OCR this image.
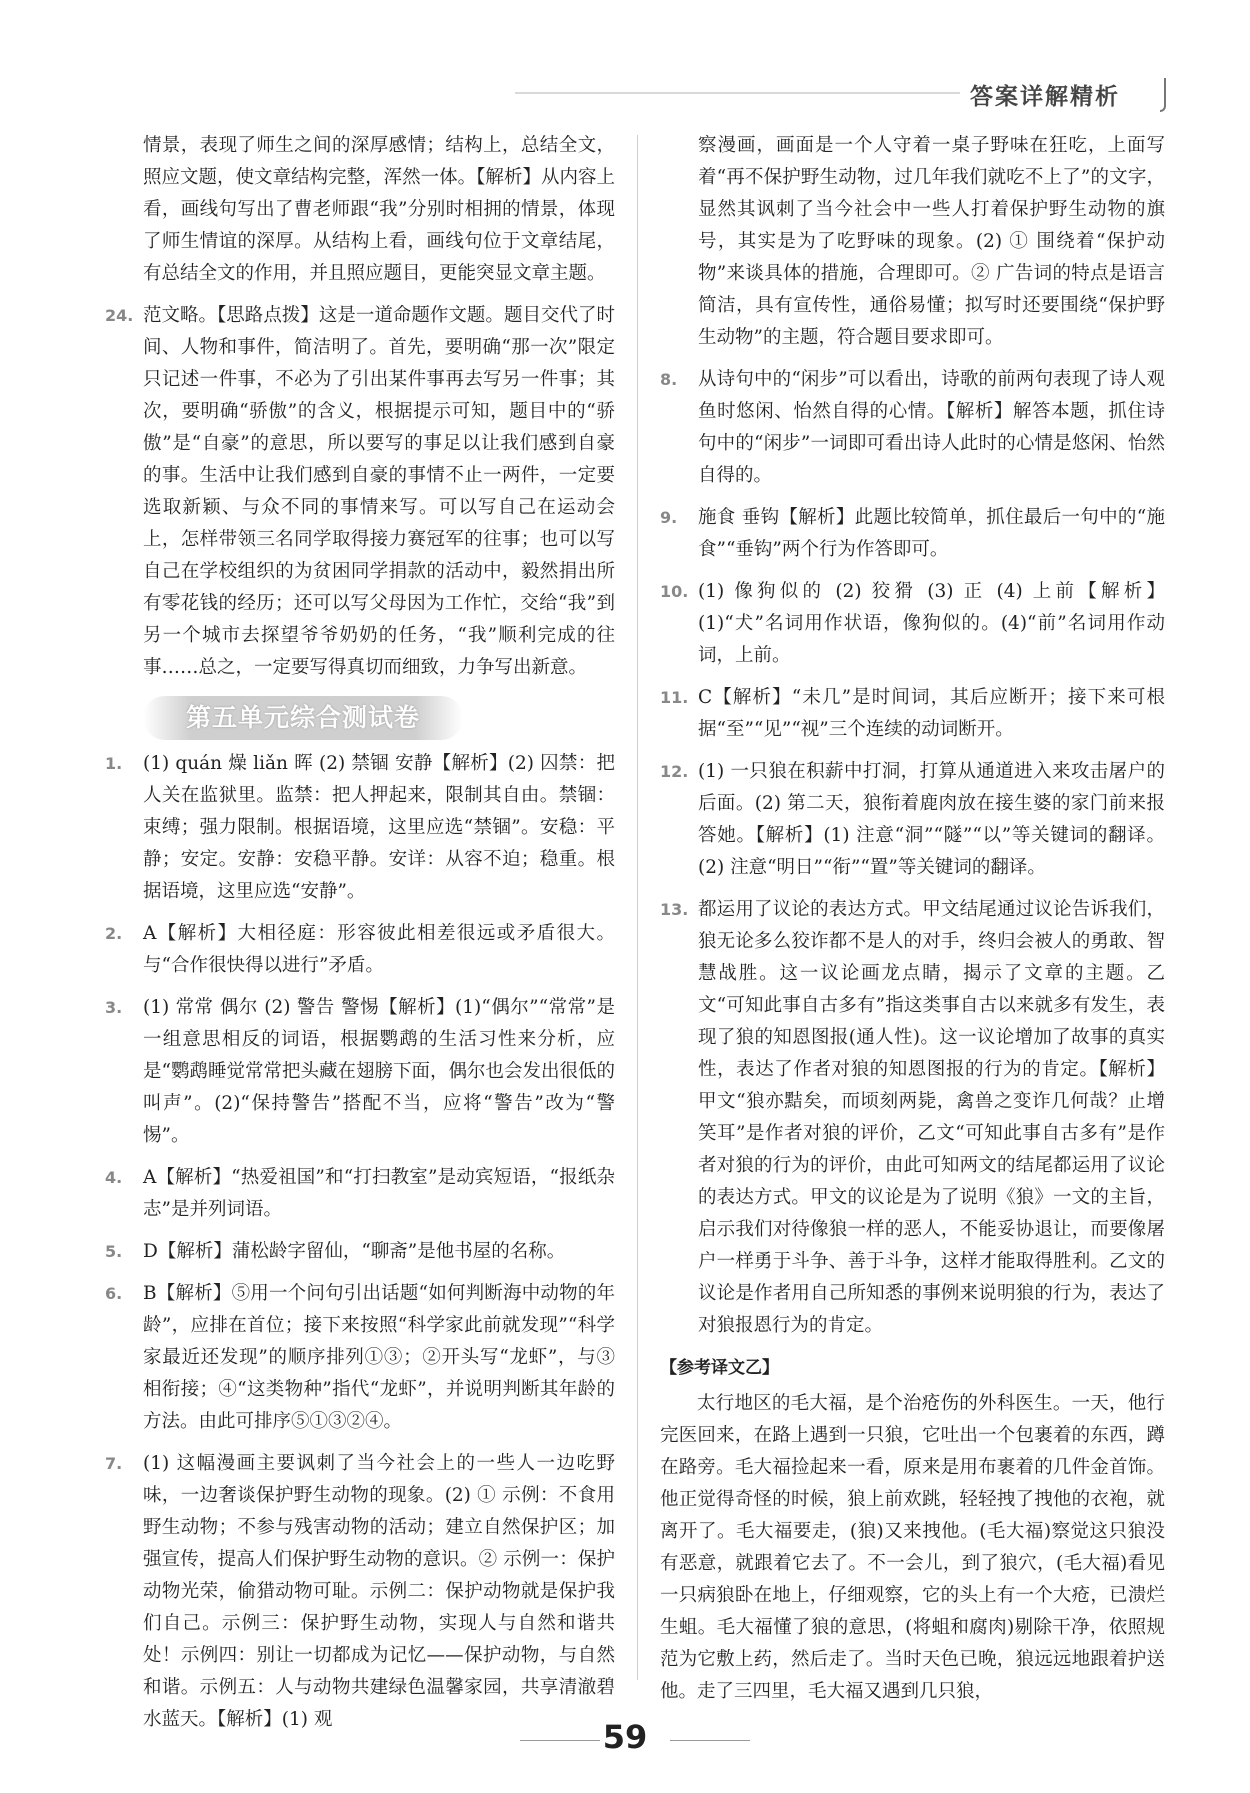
答案详解精析
情景，表现了师生之间的深厚感情；结构上，总结全文，照应文题，使文章结构完整，浑然一体。【解析】从内容上看，画线句写出了曹老师跟“我”分别时相拥的情景，体现了师生情谊的深厚。从结构上看，画线句位于文章结尾，有总结全文的作用，并且照应题目，更能突显文章主题。
24. 范文略。【思路点拨】这是一道命题作文题。题目交代了时间、人物和事件，简洁明了。首先，要明确“那一次”限定只记述一件事，不必为了引出某件事再去写另一件事；其次，要明确“骄傲”的含义，根据提示可知，题目中的“骄傲”是“自豪”的意思，所以要写的事足以让我们感到自豪的事。生活中让我们感到自豪的事情不止一两件，一定要选取新颖、与众不同的事情来写。可以写自己在运动会上，怎样带领三名同学取得接力赛冠军的往事；也可以写自己在学校组织的为贫困同学捐款的活动中，毅然捐出所有零花钱的经历；还可以写父母因为工作忙，交给“我”到另一个城市去探望爷爷奶奶的任务，“我”顺利完成的往事……总之，一定要写得真切而细致，力争写出新意。
第五单元综合测试卷
1. (1) quán 燥 liǎn 晖 (2) 禁锢 安静【解析】(2) 囚禁：把人关在监狱里。监禁：把人押起来，限制其自由。禁锢：束缚；强力限制。根据语境，这里应选“禁锢”。安稳：平静；安定。安静：安稳平静。安详：从容不迫；稳重。根据语境，这里应选“安静”。
2. A【解析】大相径庭：形容彼此相差很远或矛盾很大。与“合作很快得以进行”矛盾。
3. (1) 常常 偶尔 (2) 警告 警惕【解析】(1)“偶尔”“常常”是一组意思相反的词语，根据鹦鹉的生活习性来分析，应是“鹦鹉睡觉常常把头藏在翅膀下面，偶尔也会发出很低的叫声”。(2)“保持警告”搭配不当，应将“警告”改为“警惕”。
4. A【解析】“热爱祖国”和“打扫教室”是动宾短语，“报纸杂志”是并列词语。
5. D【解析】蒲松龄字留仙，“聊斋”是他书屋的名称。
6. B【解析】⑤用一个问句引出话题“如何判断海中动物的年龄”，应排在首位；接下来按照“科学家此前就发现”“科学家最近还发现”的顺序排列①③；②开头写“龙虾”，与③相衔接；④“这类物种”指代“龙虾”，并说明判断其年龄的方法。由此可排序⑤①③②④。
7. (1) 这幅漫画主要讽刺了当今社会上的一些人一边吃野味，一边奢谈保护野生动物的现象。(2) ① 示例：不食用野生动物；不参与残害动物的活动；建立自然保护区；加强宣传，提高人们保护野生动物的意识。② 示例一：保护动物光荣，偷猎动物可耻。示例二：保护动物就是保护我们自己。示例三：保护野生动物，实现人与自然和谐共处！示例四：别让一切都成为记忆——保护动物，与自然和谐。示例五：人与动物共建绿色温馨家园，共享清澈碧水蓝天。【解析】(1) 观
察漫画，画面是一个人守着一桌子野味在狂吃，上面写着“再不保护野生动物，过几年我们就吃不上了”的文字，显然其讽刺了当今社会中一些人打着保护野生动物的旗号，其实是为了吃野味的现象。(2) ① 围绕着“保护动物”来谈具体的措施，合理即可。② 广告词的特点是语言简洁，具有宣传性，通俗易懂；拟写时还要围绕“保护野生动物”的主题，符合题目要求即可。
8. 从诗句中的“闲步”可以看出，诗歌的前两句表现了诗人观鱼时悠闲、怡然自得的心情。【解析】解答本题，抓住诗句中的“闲步”一词即可看出诗人此时的心情是悠闲、怡然自得的。
9. 施食 垂钩【解析】此题比较简单，抓住最后一句中的“施食”“垂钩”两个行为作答即可。
10. (1) 像狗似的 (2) 狡猾 (3) 正 (4) 上前【解析】(1)“犬”名词用作状语，像狗似的。(4)“前”名词用作动词，上前。
11. C【解析】“未几”是时间词，其后应断开；接下来可根据“至”“见”“视”三个连续的动词断开。
12. (1) 一只狼在积薪中打洞，打算从通道进入来攻击屠户的后面。(2) 第二天，狼衔着鹿肉放在接生婆的家门前来报答她。【解析】(1) 注意“洞”“隧”“以”等关键词的翻译。(2) 注意“明日”“衔”“置”等关键词的翻译。
13. 都运用了议论的表达方式。甲文结尾通过议论告诉我们，狼无论多么狡诈都不是人的对手，终归会被人的勇敢、智慧战胜。这一议论画龙点睛，揭示了文章的主题。乙文“可知此事自古多有”指这类事自古以来就多有发生，表现了狼的知恩图报(通人性)。这一议论增加了故事的真实性，表达了作者对狼的知恩图报的行为的肯定。【解析】甲文“狼亦黠矣，而顷刻两毙，禽兽之变诈几何哉？止增笑耳”是作者对狼的评价，乙文“可知此事自古多有”是作者对狼的行为的评价，由此可知两文的结尾都运用了议论的表达方式。甲文的议论是为了说明《狼》一文的主旨，启示我们对待像狼一样的恶人，不能妥协退让，而要像屠户一样勇于斗争、善于斗争，这样才能取得胜利。乙文的议论是作者用自己所知悉的事例来说明狼的行为，表达了对狼报恩行为的肯定。
【参考译文乙】
太行地区的毛大福，是个治疮伤的外科医生。一天，他行完医回来，在路上遇到一只狼，它吐出一个包裹着的东西，蹲在路旁。毛大福捡起来一看，原来是用布裹着的几件金首饰。他正觉得奇怪的时候，狼上前欢跳，轻轻拽了拽他的衣袍，就离开了。毛大福要走，(狼)又来拽他。(毛大福)察觉这只狼没有恶意，就跟着它去了。不一会儿，到了狼穴，(毛大福)看见一只病狼卧在地上，仔细观察，它的头上有一个大疮，已溃烂生蛆。毛大福懂了狼的意思，(将蛆和腐肉)剔除干净，依照规范为它敷上药，然后走了。当时天色已晚，狼远远地跟着护送他。走了三四里，毛大福又遇到几只狼，
59
